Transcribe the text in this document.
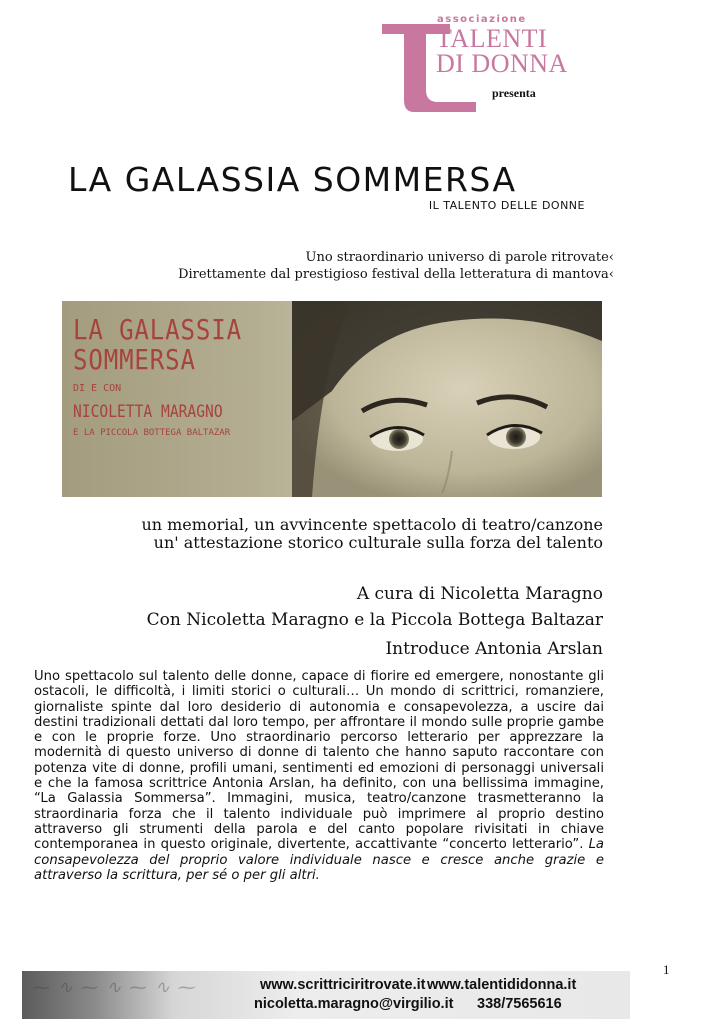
associazione
TALENTI
DI DONNA
presenta
LA GALASSIA SOMMERSA
IL TALENTO DELLE DONNE
Uno straordinario universo di parole ritrovate‹
Direttamente dal prestigioso festival della letteratura di mantova‹
LA GALASSIA
SOMMERSA
DI E CON
NICOLETTA MARAGNO
E LA PICCOLA BOTTEGA BALTAZAR
un memorial, un avvincente spettacolo di teatro/canzone
un' attestazione storico culturale sulla forza del talento
A cura di Nicoletta Maragno
Con Nicoletta Maragno e la Piccola Bottega Baltazar
Introduce Antonia Arslan
Uno spettacolo sul talento delle donne, capace di fiorire ed emergere, nonostante gli ostacoli, le difficoltà, i limiti storici o culturali… Un mondo di scrittrici, romanziere, giornaliste spinte dal loro desiderio di autonomia e consapevolezza, a uscire dai destini tradizionali dettati dal loro tempo, per affrontare il mondo sulle proprie gambe e con le proprie forze. Uno straordinario percorso letterario per apprezzare la modernità di questo universo di donne di talento che hanno saputo raccontare con potenza vite di donne, profili umani, sentimenti ed emozioni di personaggi universali e che la famosa scrittrice Antonia Arslan, ha definito, con una bellissima immagine, “La Galassia Sommersa”. Immagini, musica, teatro/canzone trasmetteranno la straordinaria forza che il talento individuale può imprimere al proprio destino attraverso gli strumenti della parola e del canto popolare rivisitati in chiave contemporanea in questo originale, divertente, accattivante “concerto letterario”. La consapevolezza del proprio valore individuale nasce e cresce anche grazie e attraverso la scrittura, per sé o per gli altri.
1
⁓ ∿ ⁓ ∿ ⁓ ∿ ⁓	www.scrittriciritrovate.it www.talentididonna.it
nicoletta.maragno@virgilio.it 338/7565616
